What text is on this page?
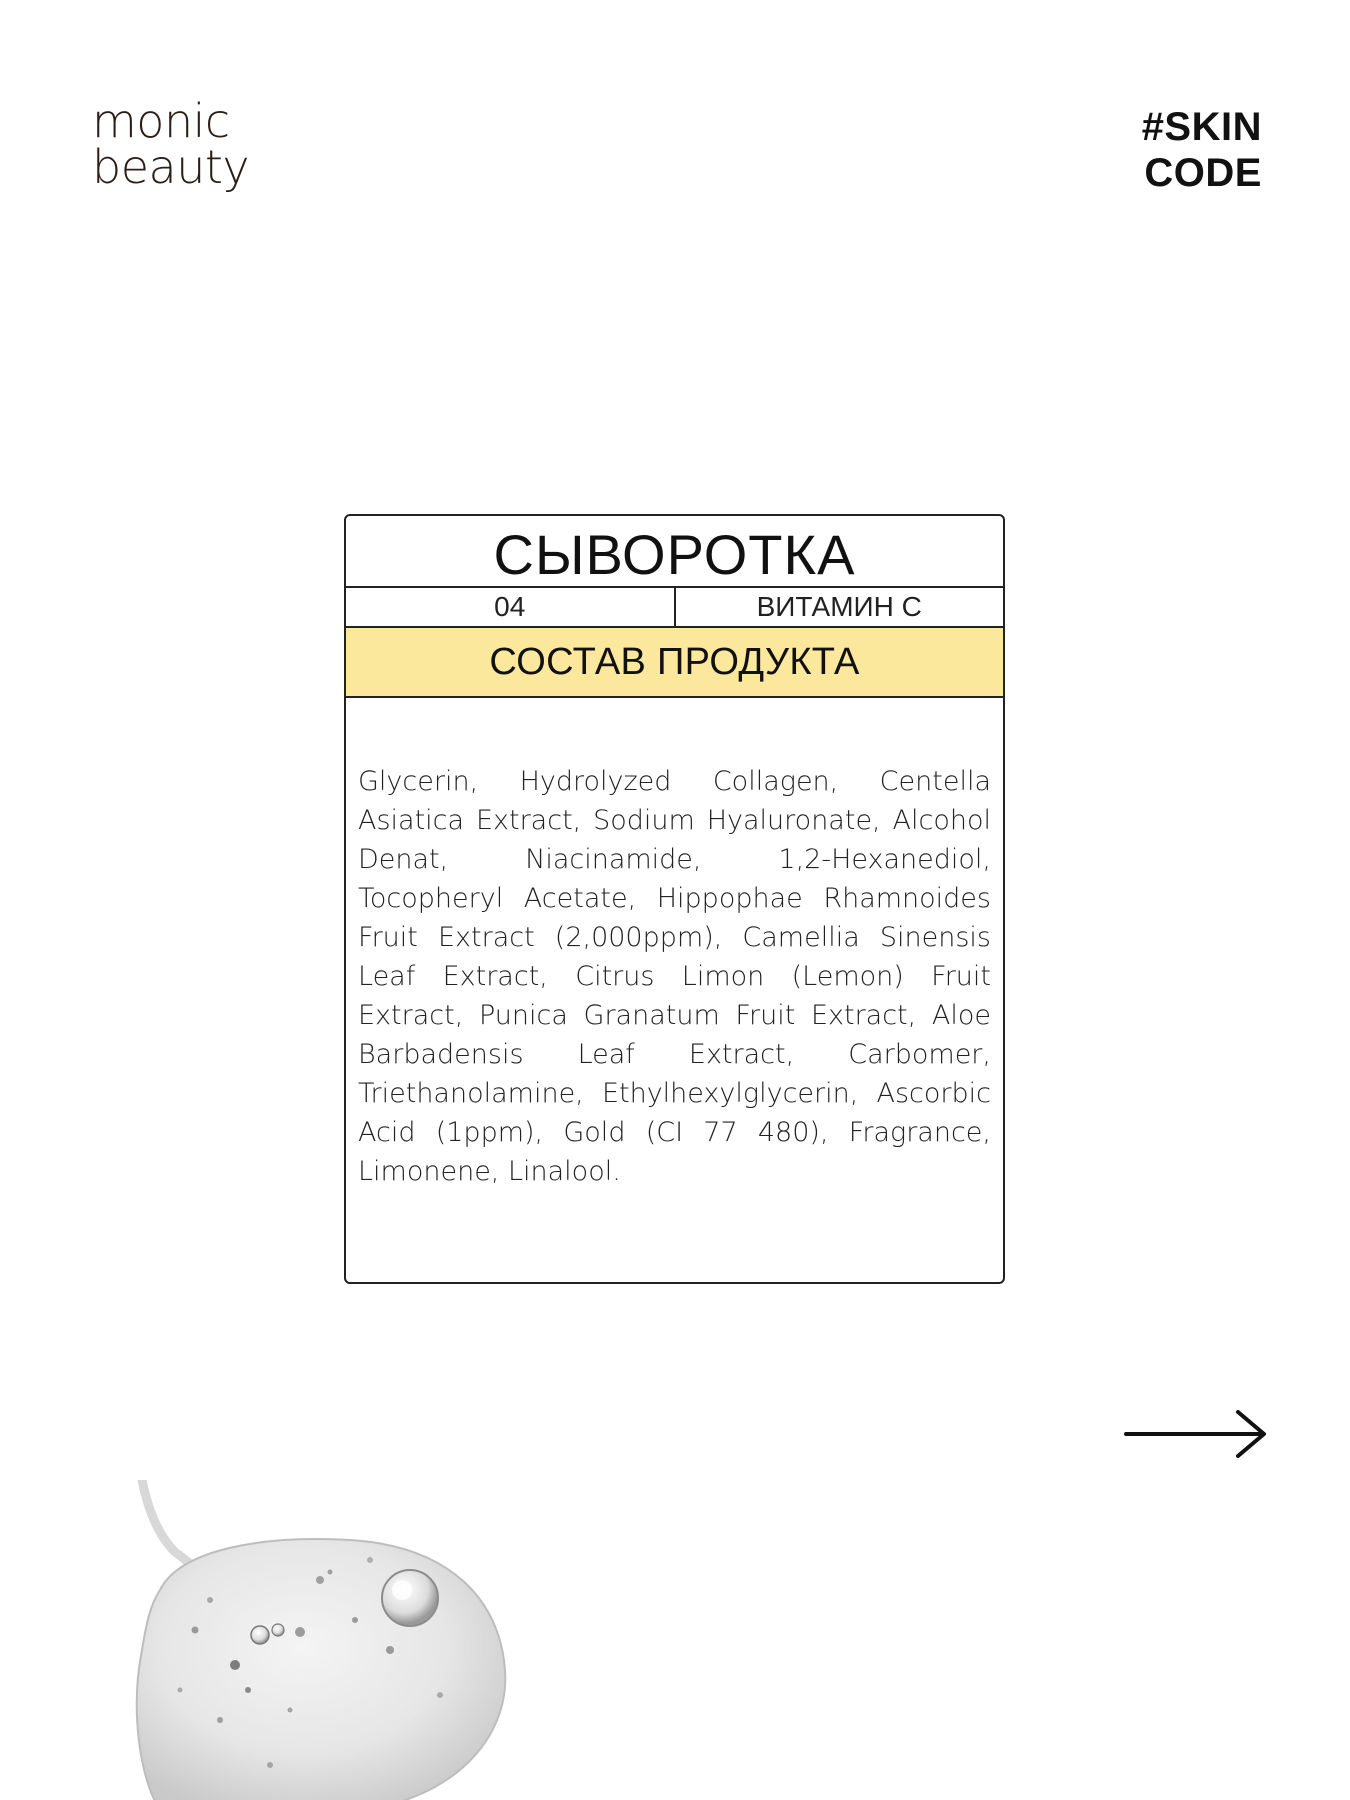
monic
beauty
#SKIN
CODE
СЫВОРОТКА
04	ВИТАМИН С
СОСТАВ ПРОДУКТА
Glycerin, Hydrolyzed Collagen, Centella Asiatica Extract, Sodium Hyaluronate, Alcohol Denat, Niacinamide, 1,2-Hexanediol, Tocopheryl Acetate, Hippophae Rhamnoides Fruit Extract (2,000ppm), Camellia Sinensis Leaf Extract, Citrus Limon (Lemon) Fruit Extract, Punica Granatum Fruit Extract, Aloe Barbadensis Leaf Extract, Carbomer, Triethanolamine, Ethylhexylglycerin, Ascorbic Acid (1ppm), Gold (CI 77 480), Fragrance, Limonene, Linalool.
